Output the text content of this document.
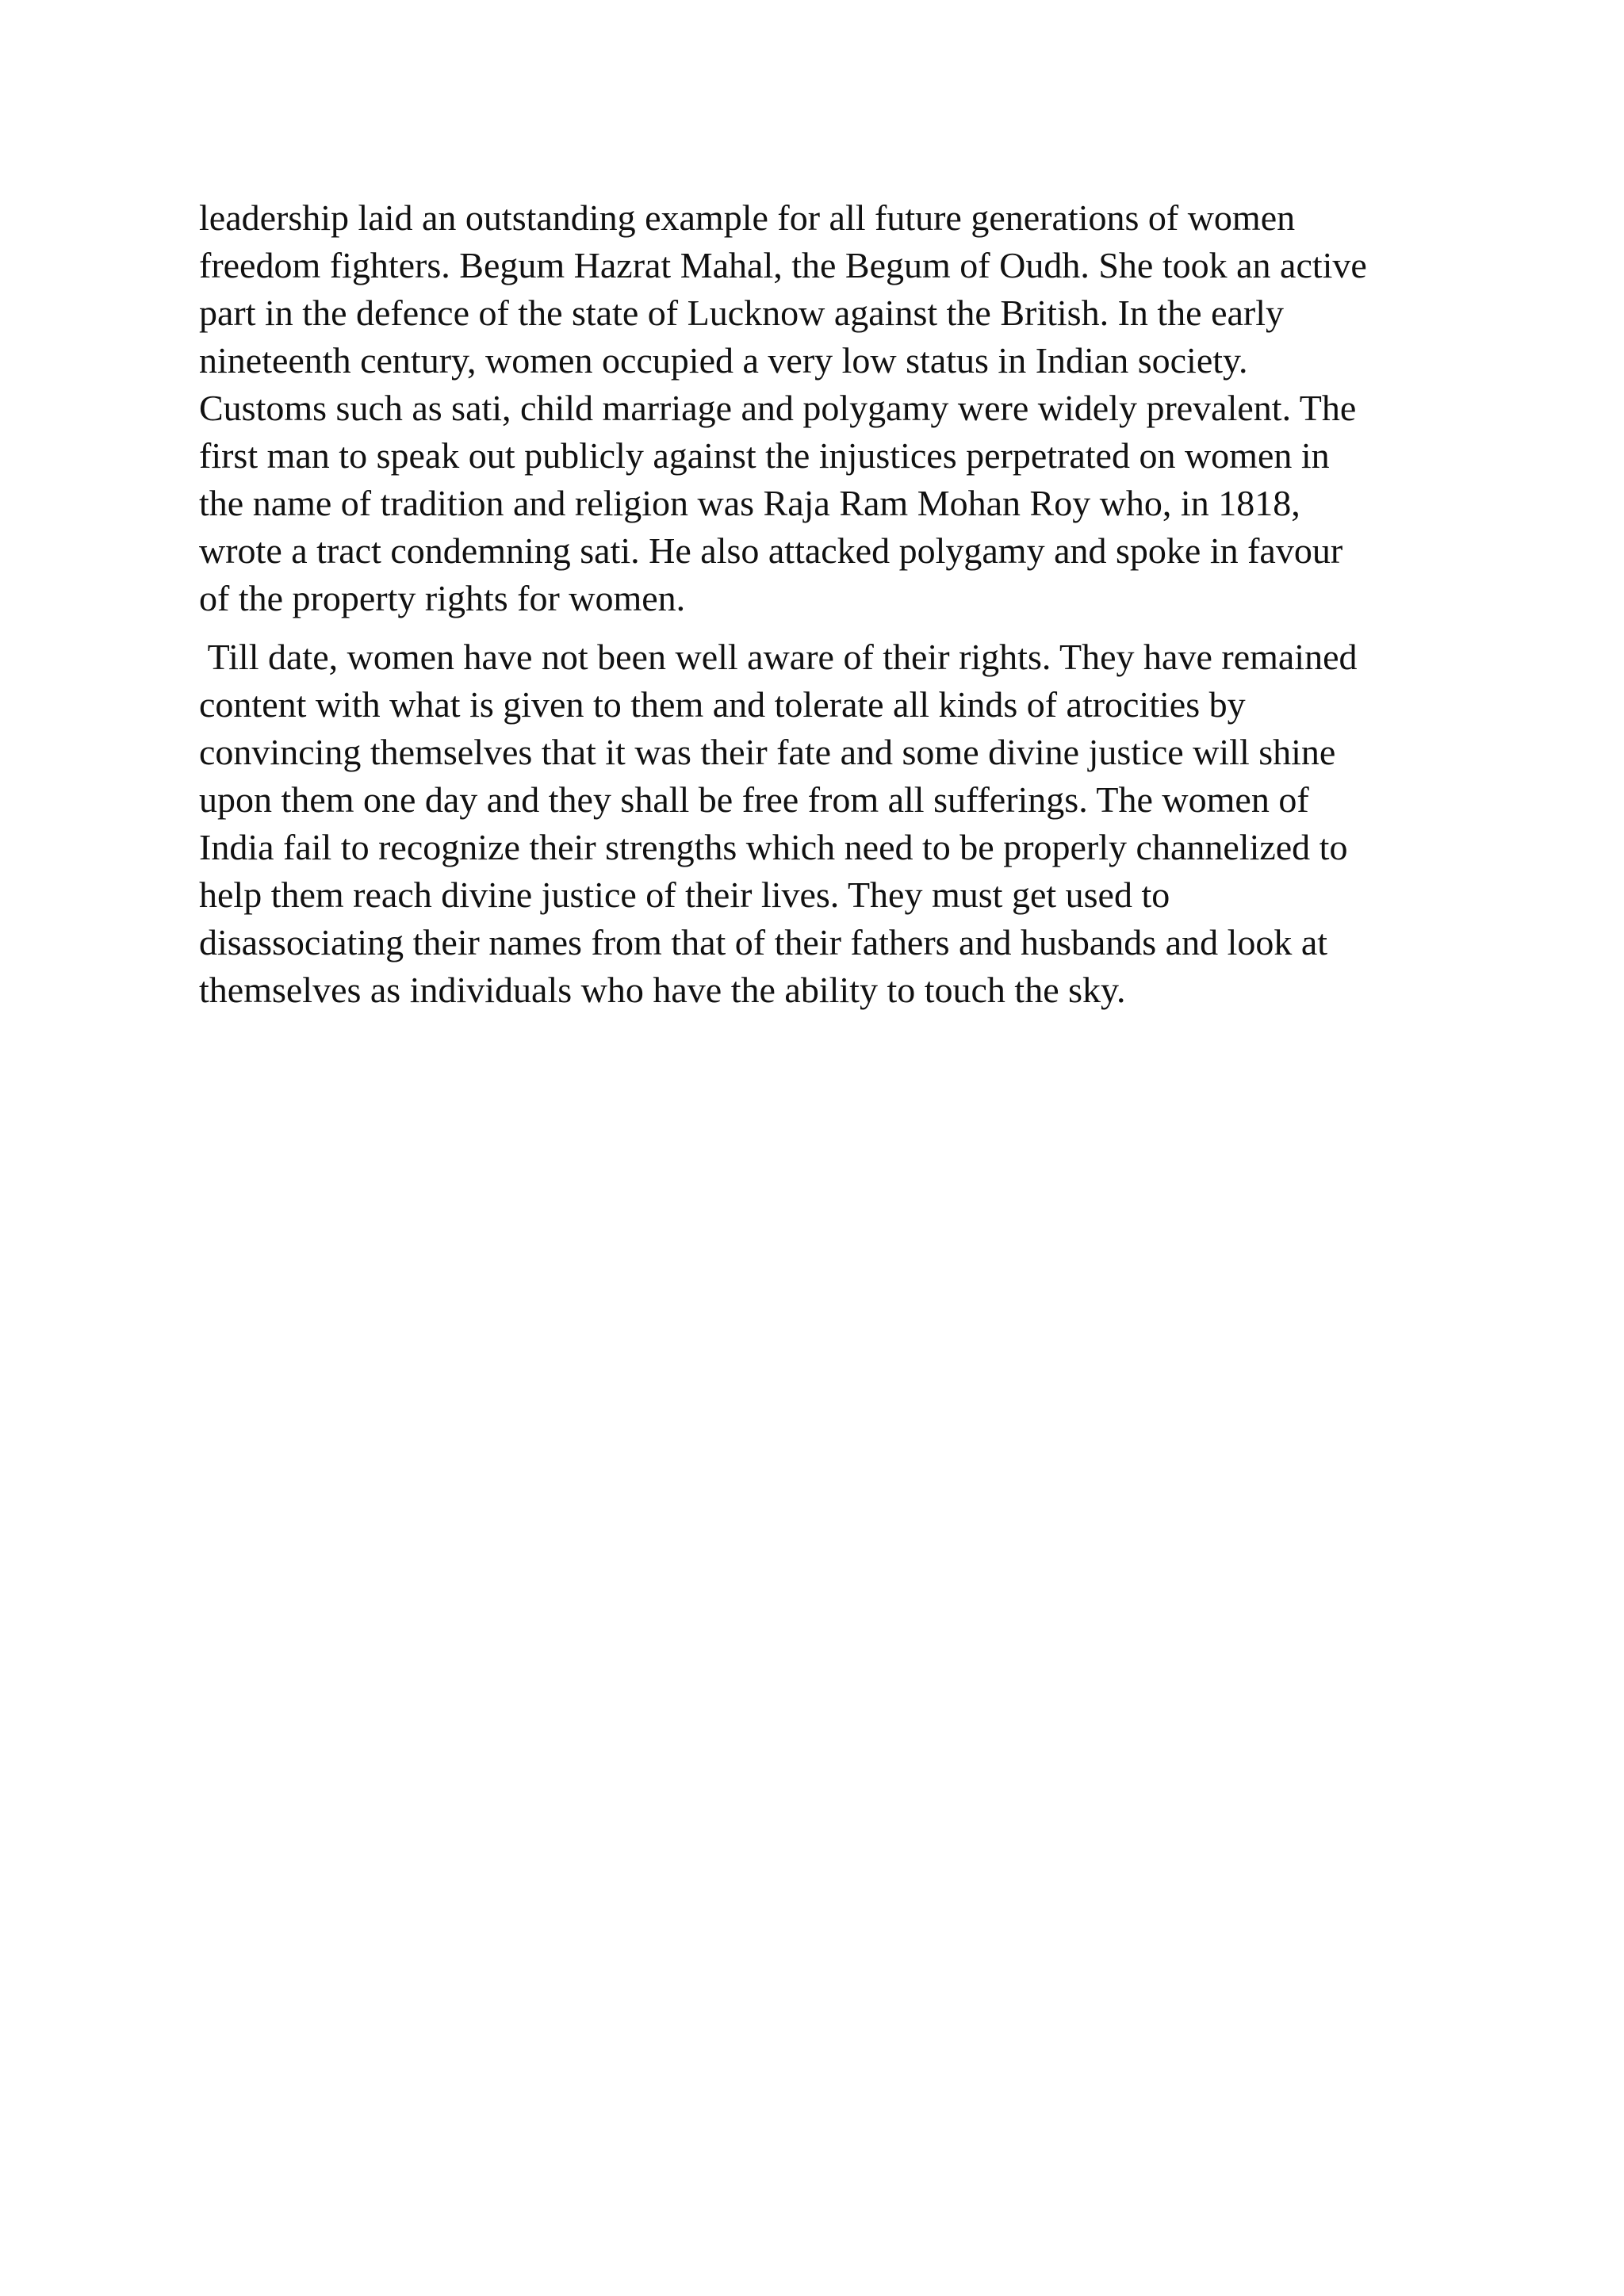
leadership laid an outstanding example for all future generations of women
freedom fighters. Begum Hazrat Mahal, the Begum of Oudh. She took an active
part in the defence of the state of Lucknow against the British. In the early
nineteenth century, women occupied a very low status in Indian society.
Customs such as sati, child marriage and polygamy were widely prevalent. The
first man to speak out publicly against the injustices perpetrated on women in
the name of tradition and religion was Raja Ram Mohan Roy who, in 1818,
wrote a tract condemning sati. He also attacked polygamy and spoke in favour
of the property rights for women.

Till date, women have not been well aware of their rights. They have remained
content with what is given to them and tolerate all kinds of atrocities by
convincing themselves that it was their fate and some divine justice will shine
upon them one day and they shall be free from all sufferings. The women of
India fail to recognize their strengths which need to be properly channelized to
help them reach divine justice of their lives. They must get used to
disassociating their names from that of their fathers and husbands and look at
themselves as individuals who have the ability to touch the sky.
